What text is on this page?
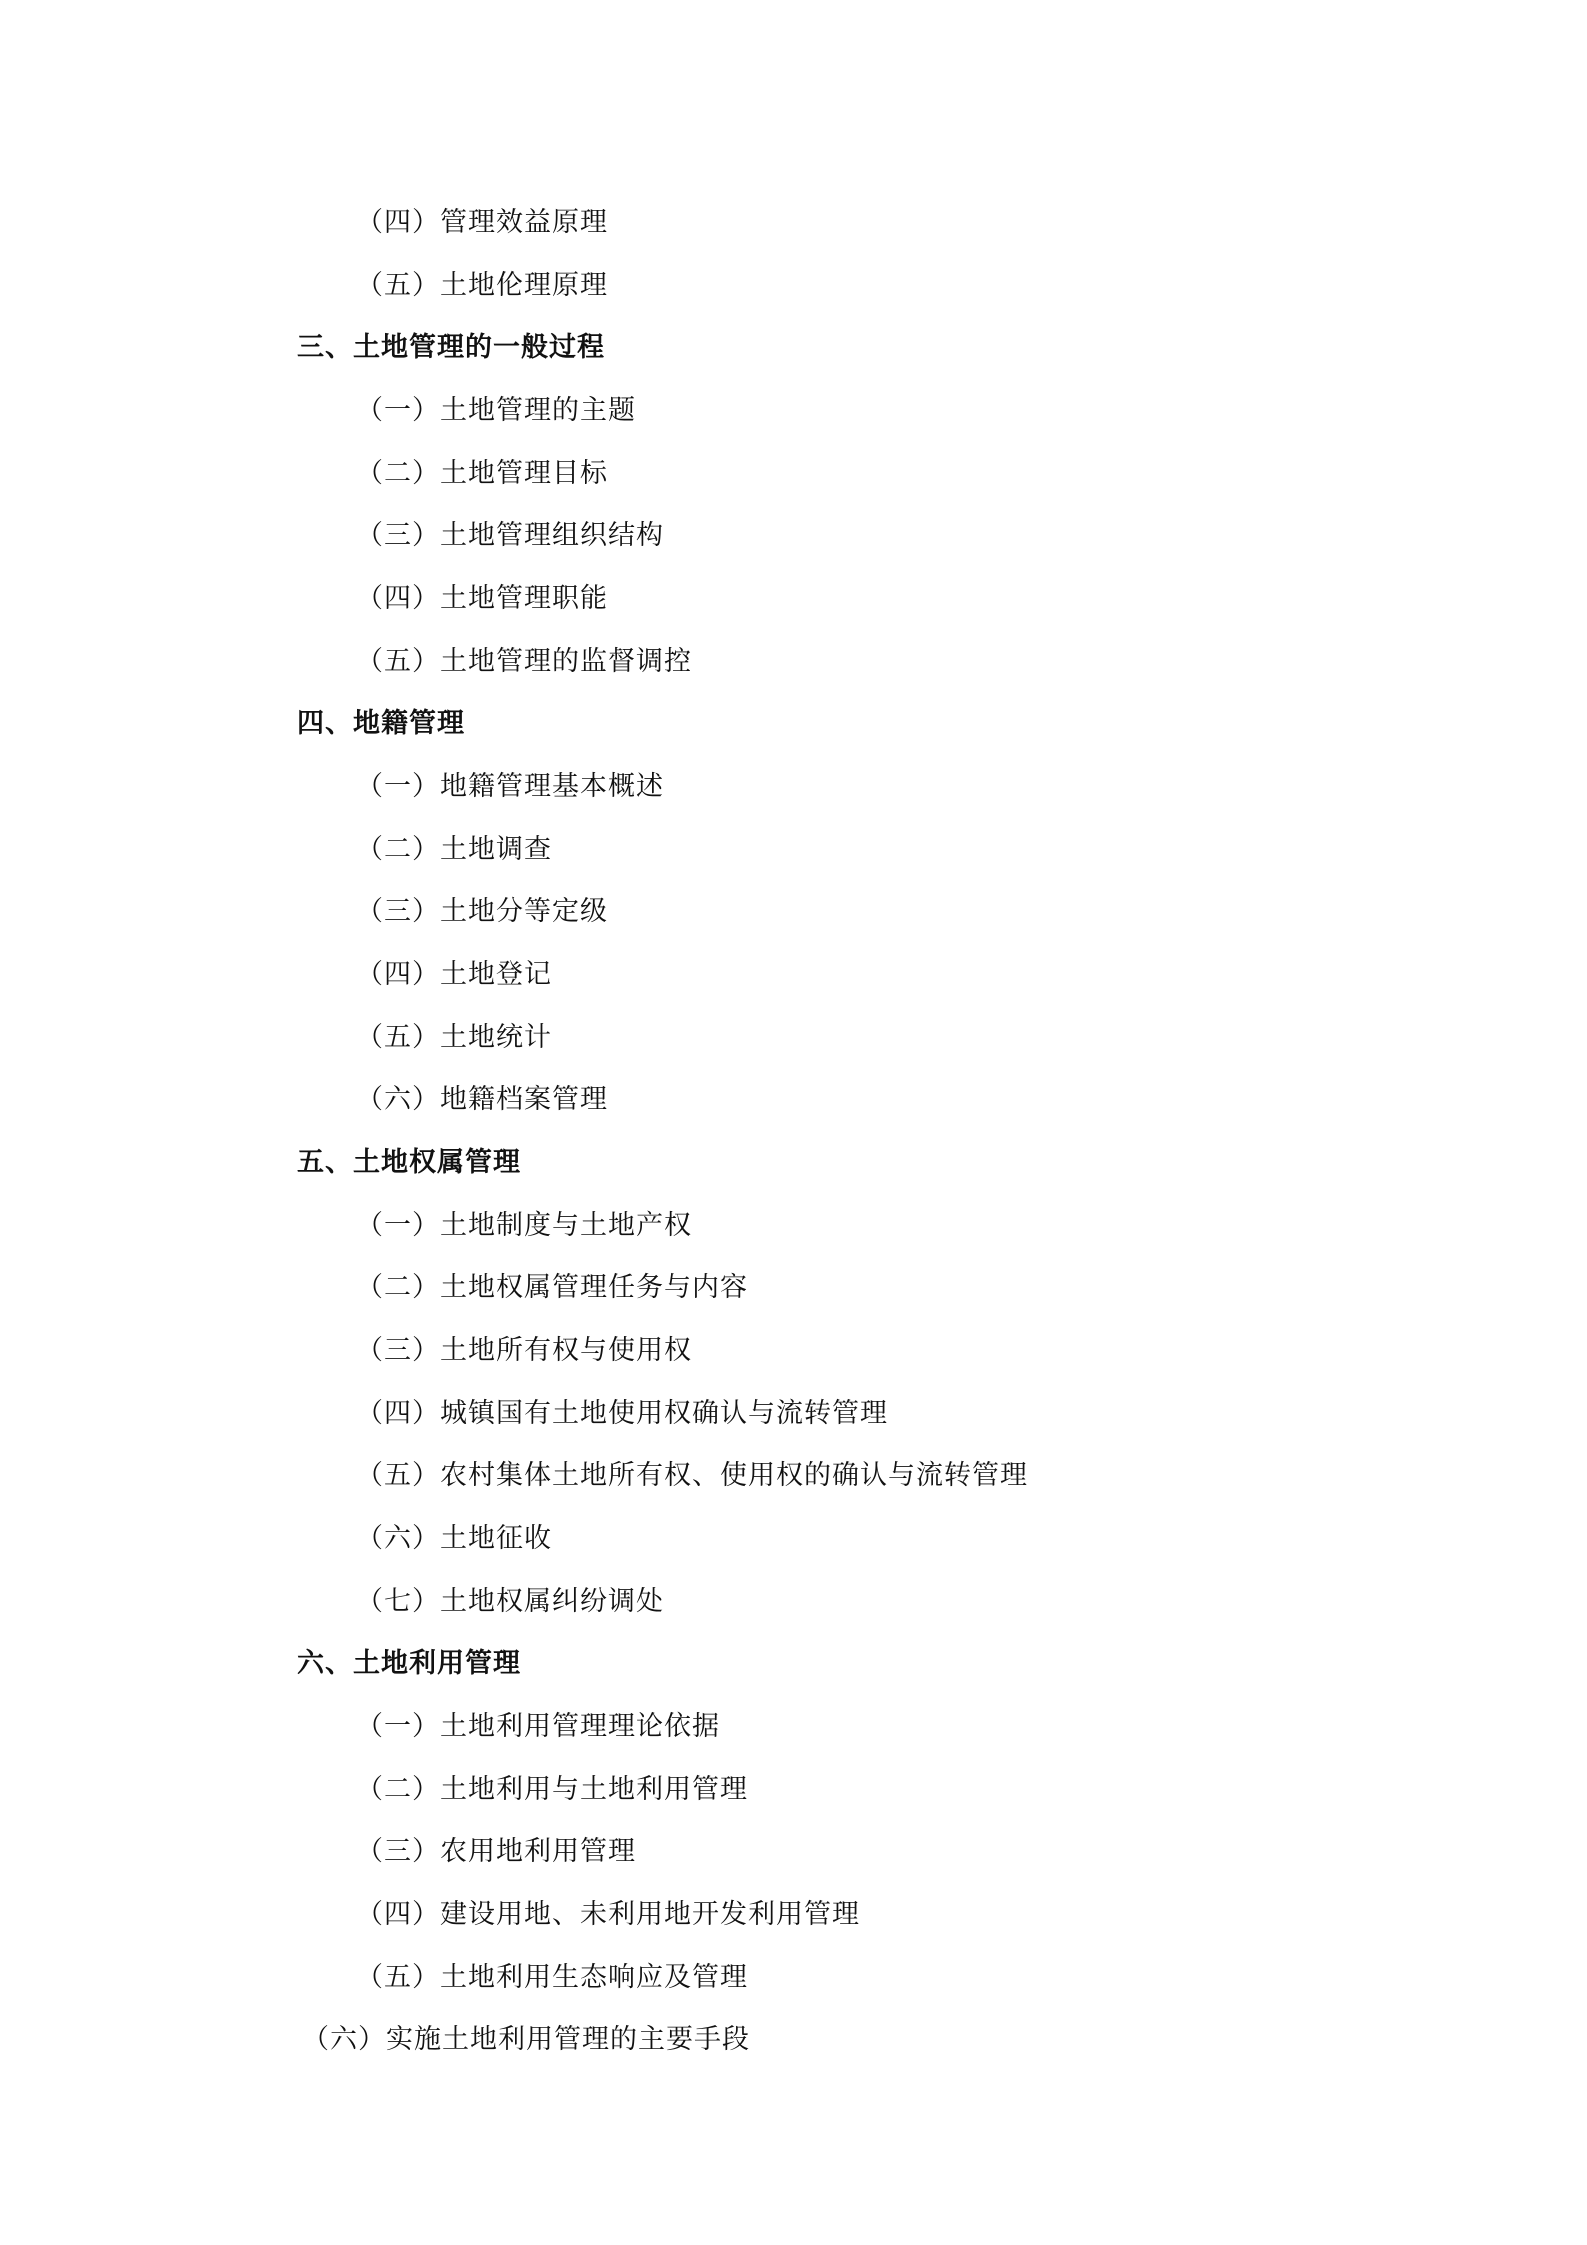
（四）管理效益原理
（五）土地伦理原理
三、土地管理的一般过程
（一）土地管理的主题
（二）土地管理目标
（三）土地管理组织结构
（四）土地管理职能
（五）土地管理的监督调控
四、地籍管理
（一）地籍管理基本概述
（二）土地调查
（三）土地分等定级
（四）土地登记
（五）土地统计
（六）地籍档案管理
五、土地权属管理
（一）土地制度与土地产权
（二）土地权属管理任务与内容
（三）土地所有权与使用权
（四）城镇国有土地使用权确认与流转管理
（五）农村集体土地所有权、使用权的确认与流转管理
（六）土地征收
（七）土地权属纠纷调处
六、土地利用管理
（一）土地利用管理理论依据
（二）土地利用与土地利用管理
（三）农用地利用管理
（四）建设用地、未利用地开发利用管理
（五）土地利用生态响应及管理
（六）实施土地利用管理的主要手段
